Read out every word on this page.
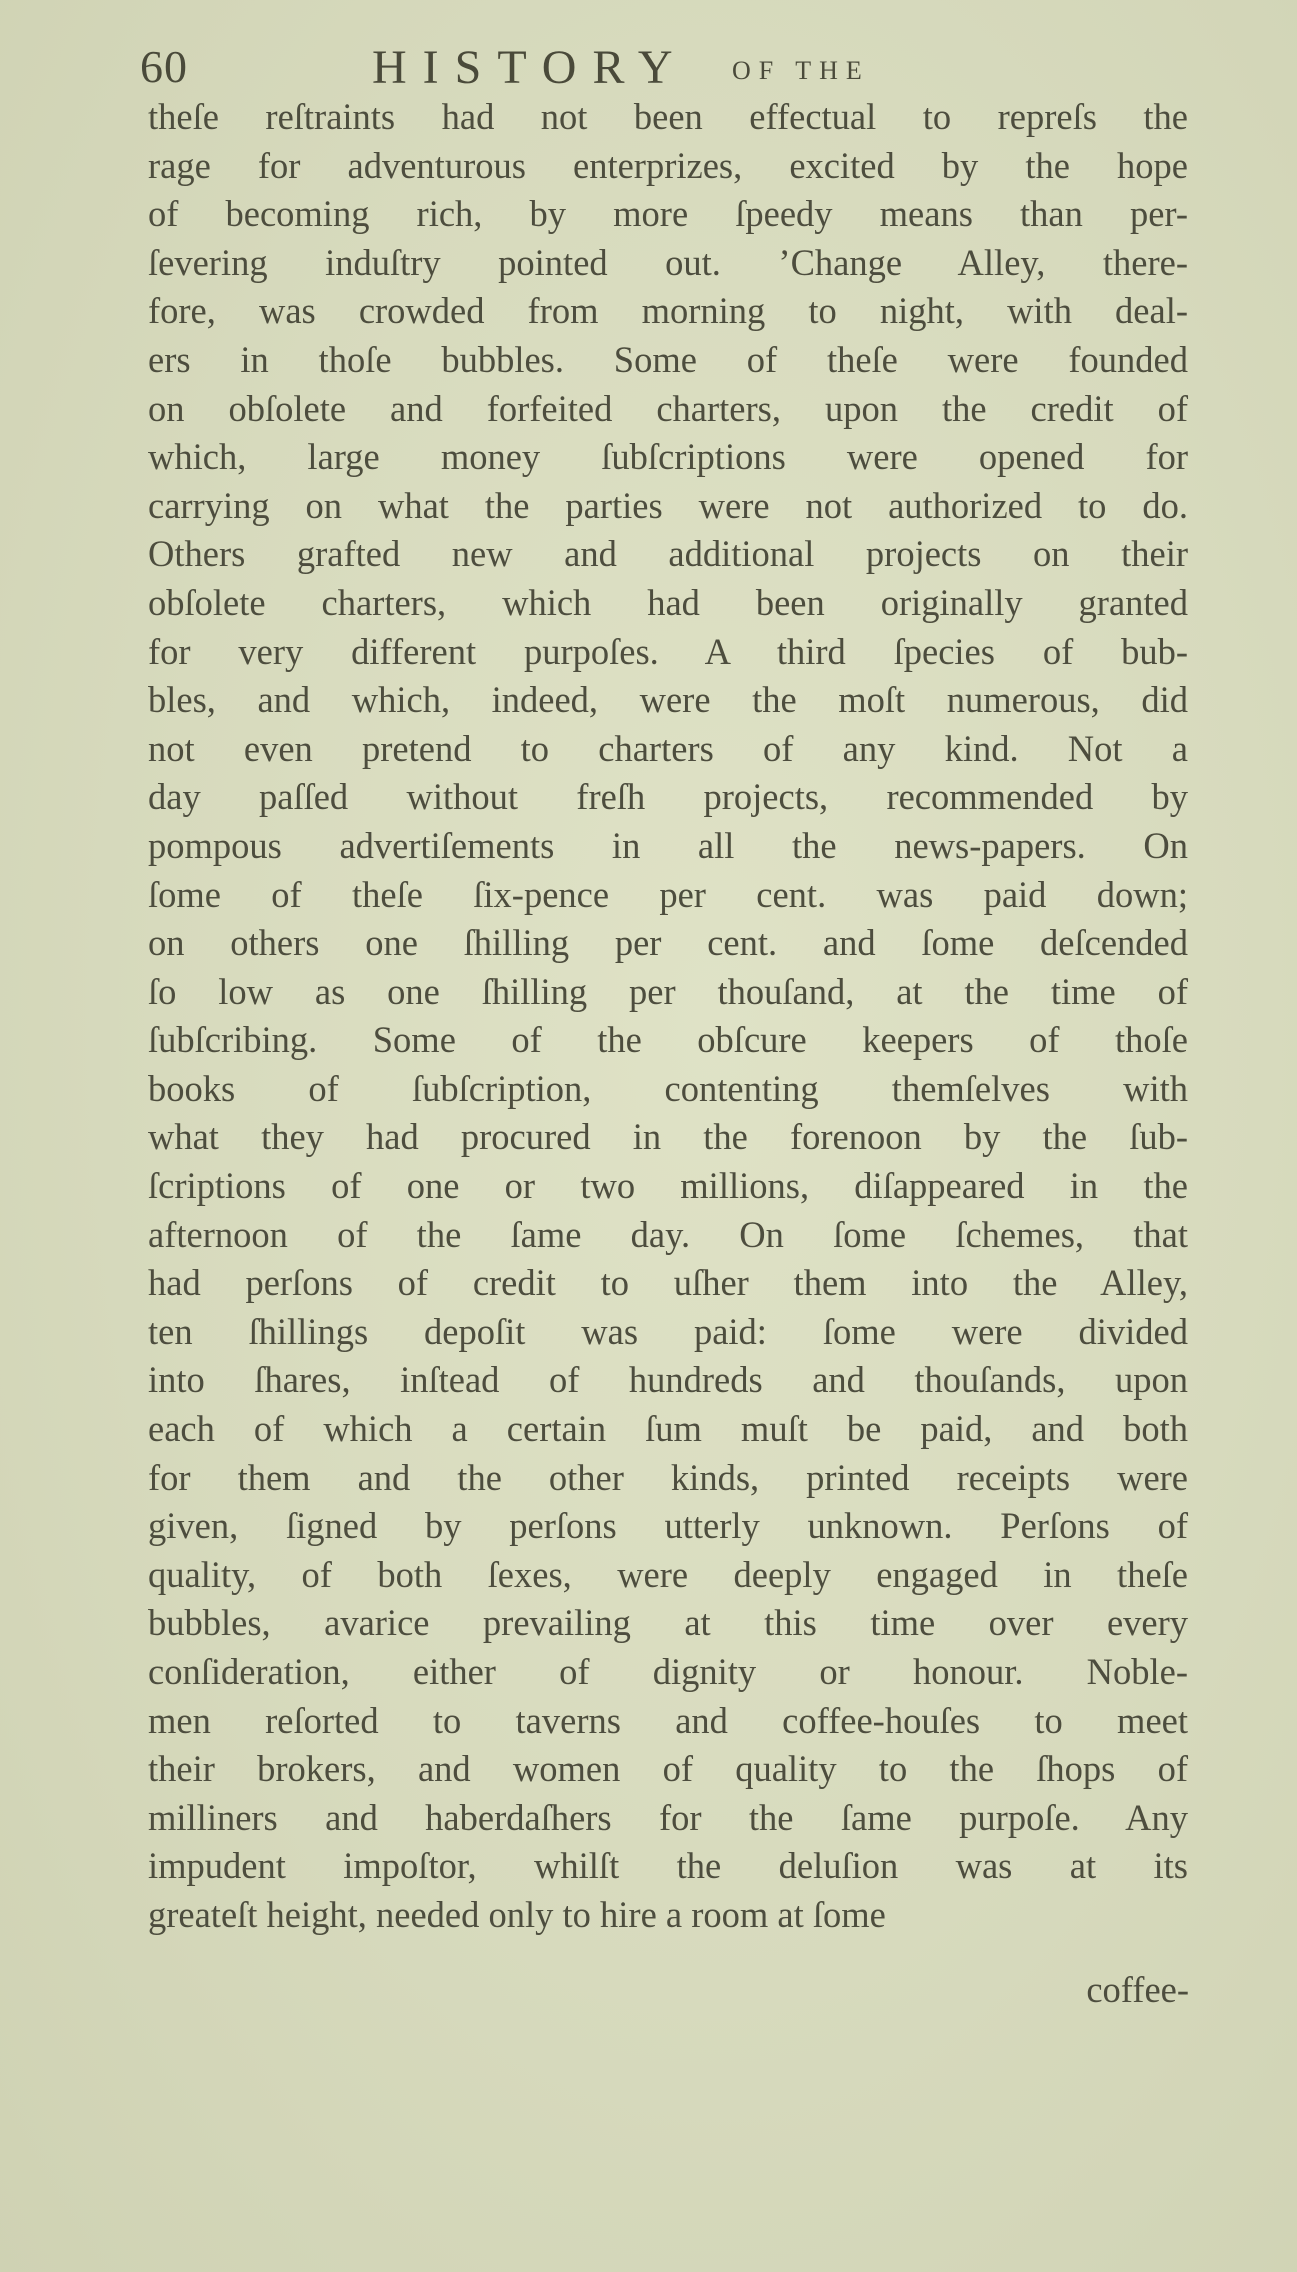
60	HISTORY OF THE
theſe reſtraints had not been effectual to repreſs the
rage for adventurous enterprizes, excited by the hope
of becoming rich, by more ſpeedy means than per-
ſevering induſtry pointed out. ’Change Alley, there-
fore, was crowded from morning to night, with deal-
ers in thoſe bubbles. Some of theſe were founded
on obſolete and forfeited charters, upon the credit of
which, large money ſubſcriptions were opened for
carrying on what the parties were not authorized to do.
Others grafted new and additional projects on their
obſolete charters, which had been originally granted
for very different purpoſes. A third ſpecies of bub-
bles, and which, indeed, were the moſt numerous, did
not even pretend to charters of any kind. Not a
day paſſed without freſh projects, recommended by
pompous advertiſements in all the news-papers. On
ſome of theſe ſix-pence per cent. was paid down;
on others one ſhilling per cent. and ſome deſcended
ſo low as one ſhilling per thouſand, at the time of
ſubſcribing. Some of the obſcure keepers of thoſe
books of ſubſcription, contenting themſelves with
what they had procured in the forenoon by the ſub-
ſcriptions of one or two millions, diſappeared in the
afternoon of the ſame day. On ſome ſchemes, that
had perſons of credit to uſher them into the Alley,
ten ſhillings depoſit was paid: ſome were divided
into ſhares, inſtead of hundreds and thouſands, upon
each of which a certain ſum muſt be paid, and both
for them and the other kinds, printed receipts were
given, ſigned by perſons utterly unknown. Perſons of
quality, of both ſexes, were deeply engaged in theſe
bubbles, avarice prevailing at this time over every
conſideration, either of dignity or honour. Noble-
men reſorted to taverns and coffee-houſes to meet
their brokers, and women of quality to the ſhops of
milliners and haberdaſhers for the ſame purpoſe. Any
impudent impoſtor, whilſt the deluſion was at its
greateſt height, needed only to hire a room at ſome
coffee-
